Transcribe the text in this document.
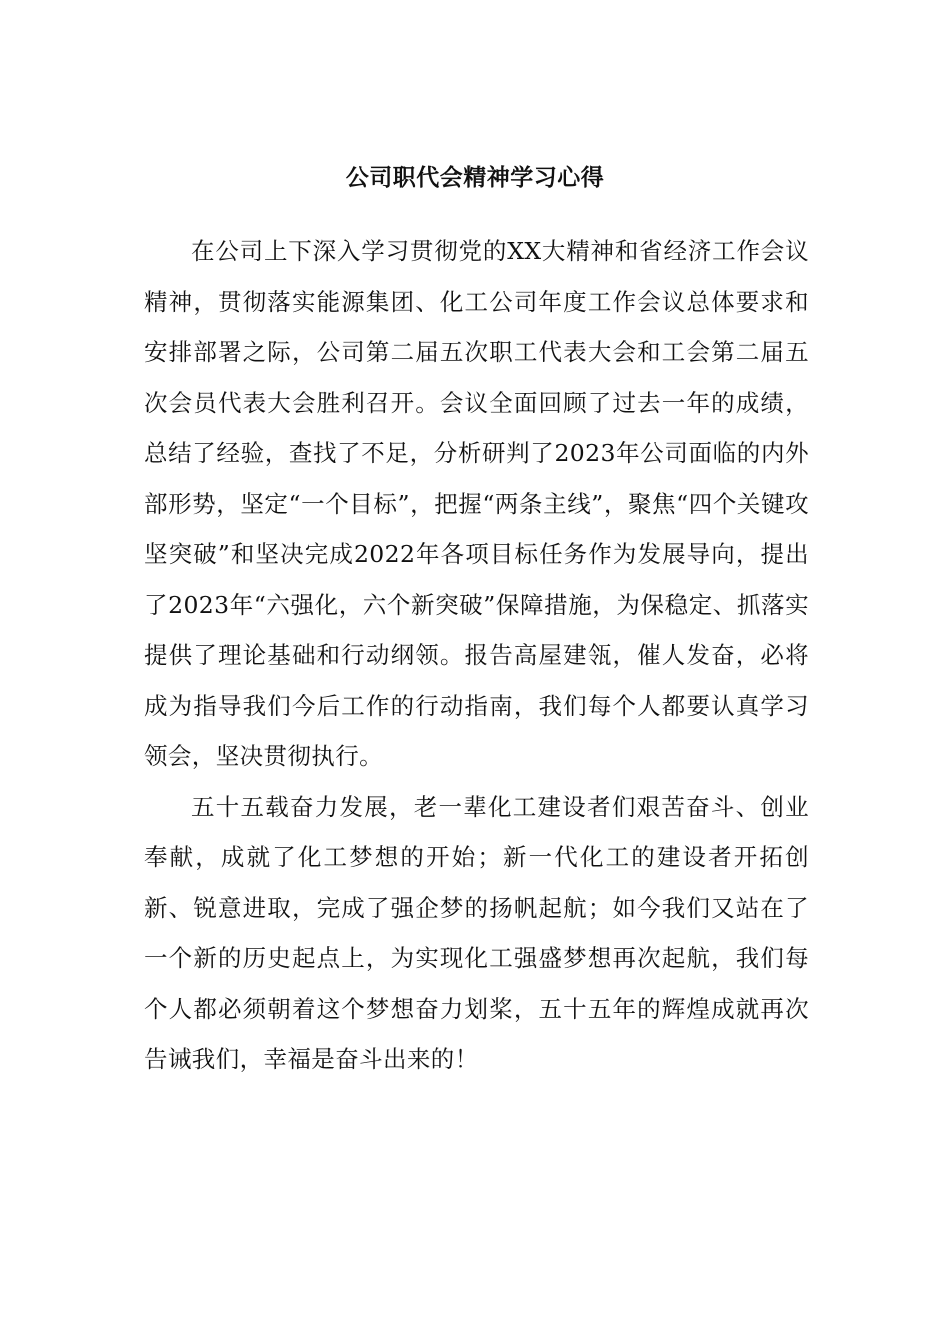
公司职代会精神学习心得

在公司上下深入学习贯彻党的XX大精神和省经济工作会议精神，贯彻落实能源集团、化工公司年度工作会议总体要求和安排部署之际，公司第二届五次职工代表大会和工会第二届五次会员代表大会胜利召开。会议全面回顾了过去一年的成绩，总结了经验，查找了不足，分析研判了2023年公司面临的内外部形势，坚定“一个目标”，把握“两条主线”，聚焦“四个关键攻坚突破”和坚决完成2022年各项目标任务作为发展导向，提出了2023年“六强化，六个新突破”保障措施，为保稳定、抓落实提供了理论基础和行动纲领。报告高屋建瓴，催人发奋，必将成为指导我们今后工作的行动指南，我们每个人都要认真学习领会，坚决贯彻执行。

五十五载奋力发展，老一辈化工建设者们艰苦奋斗、创业奉献，成就了化工梦想的开始；新一代化工的建设者开拓创新、锐意进取，完成了强企梦的扬帆起航；如今我们又站在了一个新的历史起点上，为实现化工强盛梦想再次起航，我们每个人都必须朝着这个梦想奋力划桨，五十五年的辉煌成就再次告诫我们，幸福是奋斗出来的！
